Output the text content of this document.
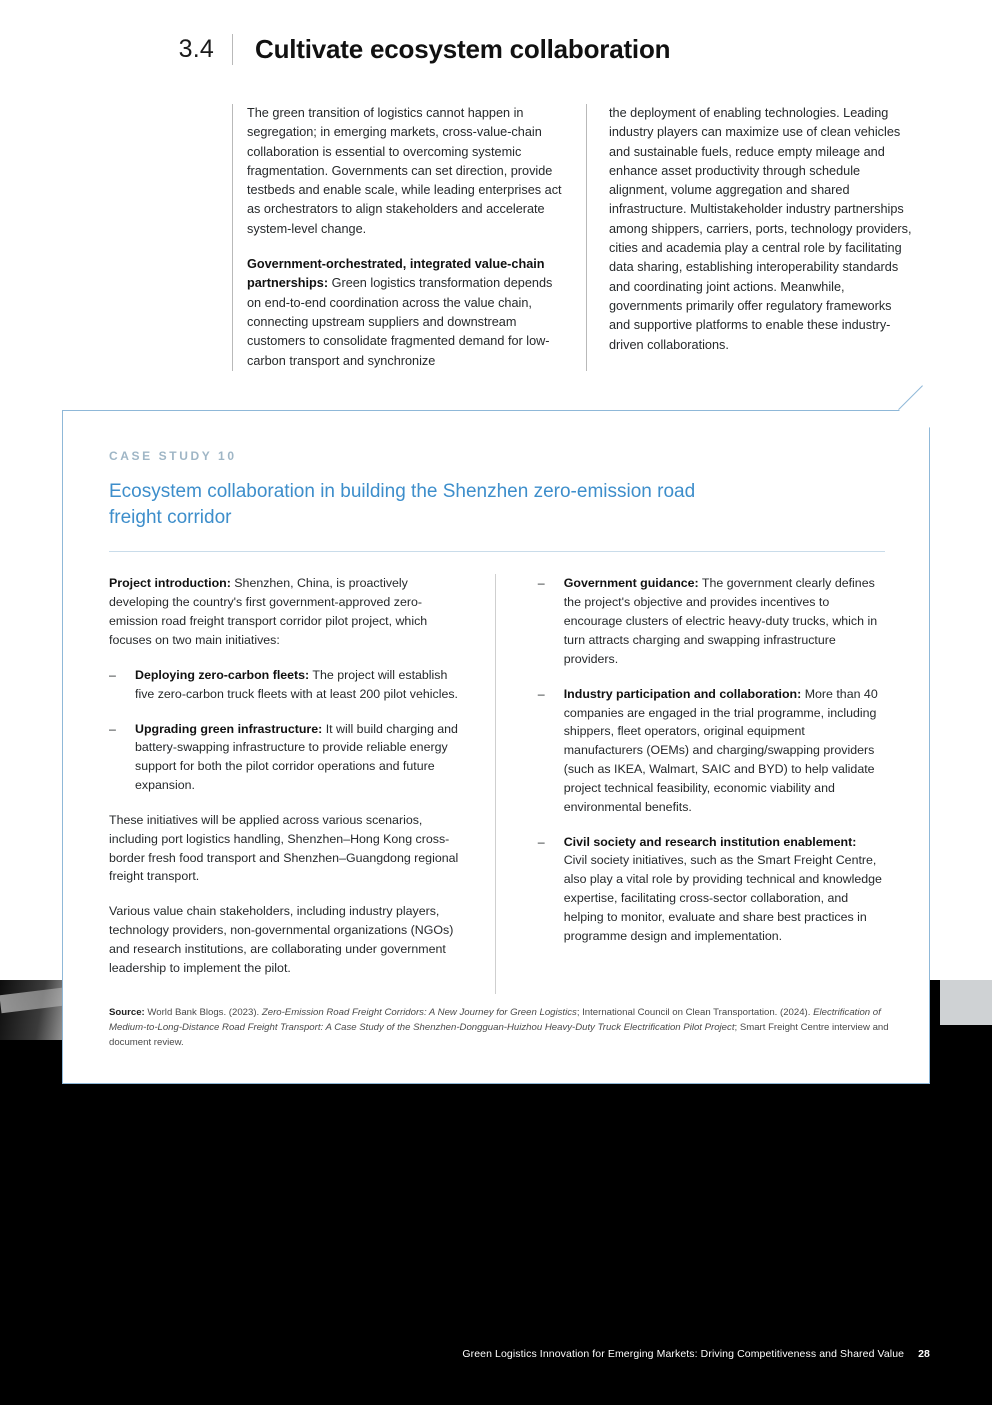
3.4	Cultivate ecosystem collaboration

The green transition of logistics cannot happen in segregation; in emerging markets, cross-value-chain collaboration is essential to overcoming systemic fragmentation. Governments can set direction, provide testbeds and enable scale, while leading enterprises act as orchestrators to align stakeholders and accelerate system-level change.

Government-orchestrated, integrated value-chain partnerships: Green logistics transformation depends on end-to-end coordination across the value chain, connecting upstream suppliers and downstream customers to consolidate fragmented demand for low-carbon transport and synchronize

the deployment of enabling technologies. Leading industry players can maximize use of clean vehicles and sustainable fuels, reduce empty mileage and enhance asset productivity through schedule alignment, volume aggregation and shared infrastructure. Multistakeholder industry partnerships among shippers, carriers, ports, technology providers, cities and academia play a central role by facilitating data sharing, establishing interoperability standards and coordinating joint actions. Meanwhile, governments primarily offer regulatory frameworks and supportive platforms to enable these industry-driven collaborations.

CASE STUDY 10
Ecosystem collaboration in building the Shenzhen zero-emission road freight corridor

Project introduction: Shenzhen, China, is proactively developing the country's first government-approved zero-emission road freight transport corridor pilot project, which focuses on two main initiatives:

– Deploying zero-carbon fleets: The project will establish five zero-carbon truck fleets with at least 200 pilot vehicles.
– Upgrading green infrastructure: It will build charging and battery-swapping infrastructure to provide reliable energy support for both the pilot corridor operations and future expansion.

These initiatives will be applied across various scenarios, including port logistics handling, Shenzhen–Hong Kong cross-border fresh food transport and Shenzhen–Guangdong regional freight transport.

Various value chain stakeholders, including industry players, technology providers, non-governmental organizations (NGOs) and research institutions, are collaborating under government leadership to implement the pilot.

– Government guidance: The government clearly defines the project's objective and provides incentives to encourage clusters of electric heavy-duty trucks, which in turn attracts charging and swapping infrastructure providers.
– Industry participation and collaboration: More than 40 companies are engaged in the trial programme, including shippers, fleet operators, original equipment manufacturers (OEMs) and charging/swapping providers (such as IKEA, Walmart, SAIC and BYD) to help validate project technical feasibility, economic viability and environmental benefits.
– Civil society and research institution enablement: Civil society initiatives, such as the Smart Freight Centre, also play a vital role by providing technical and knowledge expertise, facilitating cross-sector collaboration, and helping to monitor, evaluate and share best practices in programme design and implementation.
Source: World Bank Blogs. (2023). Zero-Emission Road Freight Corridors: A New Journey for Green Logistics; International Council on Clean Transportation. (2024). Electrification of Medium-to-Long-Distance Road Freight Transport: A Case Study of the Shenzhen-Dongguan-Huizhou Heavy-Duty Truck Electrification Pilot Project; Smart Freight Centre interview and document review.
Green Logistics Innovation for Emerging Markets: Driving Competitiveness and Shared Value 28
